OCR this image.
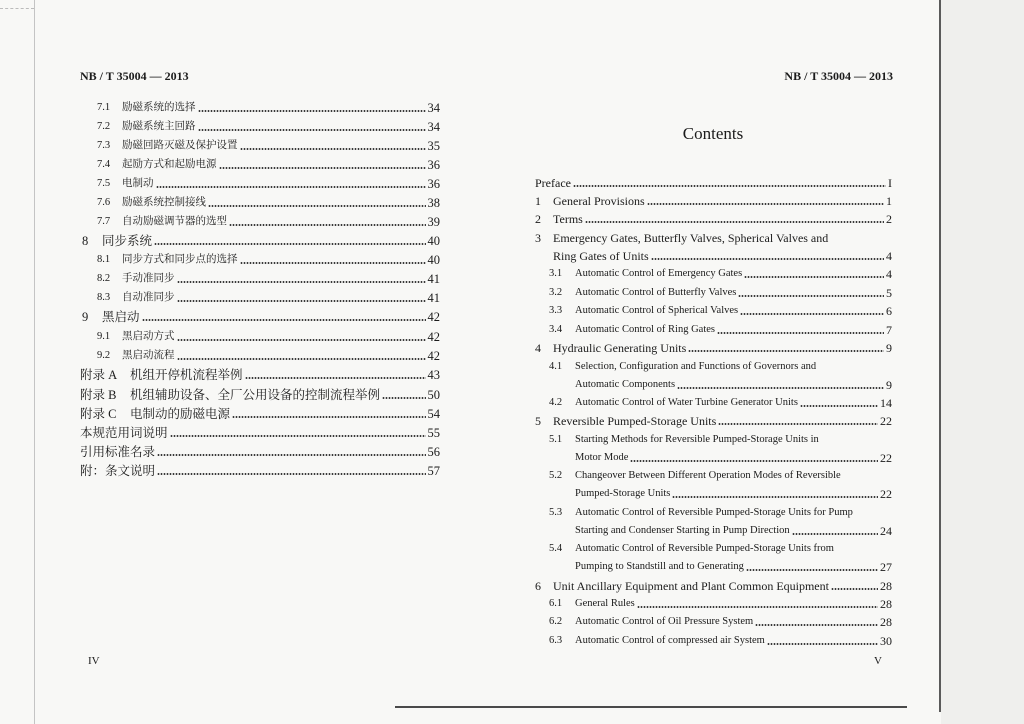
NB / T 35004 — 2013
7.1	励磁系统的选择	34
7.2	励磁系统主回路	34
7.3	励磁回路灭磁及保护设置	35
7.4	起励方式和起励电源	36
7.5	电制动	36
7.6	励磁系统控制接线	38
7.7	自动励磁调节器的选型	39
8	同步系统	40
8.1	同步方式和同步点的选择	40
8.2	手动准同步	41
8.3	自动准同步	41
9	黑启动	42
9.1	黑启动方式	42
9.2	黑启动流程	42
附录 A	机组开停机流程举例	43
附录 B	机组辅助设备、全厂公用设备的控制流程举例	50
附录 C	电制动的励磁电源	54
本规范用词说明	55
引用标准名录	56
附：条文说明	57
IV
NB / T 35004 — 2013
Contents
Preface	I
1	General Provisions	1
2	Terms	2
3	Emergency Gates, Butterfly Valves, Spherical Valves and
Ring Gates of Units	4
3.1	Automatic Control of Emergency Gates	4
3.2	Automatic Control of Butterfly Valves	5
3.3	Automatic Control of Spherical Valves	6
3.4	Automatic Control of Ring Gates	7
4	Hydraulic Generating Units	9
4.1	Selection, Configuration and Functions of Governors and
Automatic Components	9
4.2	Automatic Control of Water Turbine Generator Units	14
5	Reversible Pumped-Storage Units	22
5.1	Starting Methods for Reversible Pumped-Storage Units in
Motor Mode	22
5.2	Changeover Between Different Operation Modes of Reversible
Pumped-Storage Units	22
5.3	Automatic Control of Reversible Pumped-Storage Units for Pump
Starting and Condenser Starting in Pump Direction	24
5.4	Automatic Control of Reversible Pumped-Storage Units from
Pumping to Standstill and to Generating	27
6	Unit Ancillary Equipment and Plant Common Equipment	28
6.1	General Rules	28
6.2	Automatic Control of Oil Pressure System	28
6.3	Automatic Control of compressed air System	30
V
